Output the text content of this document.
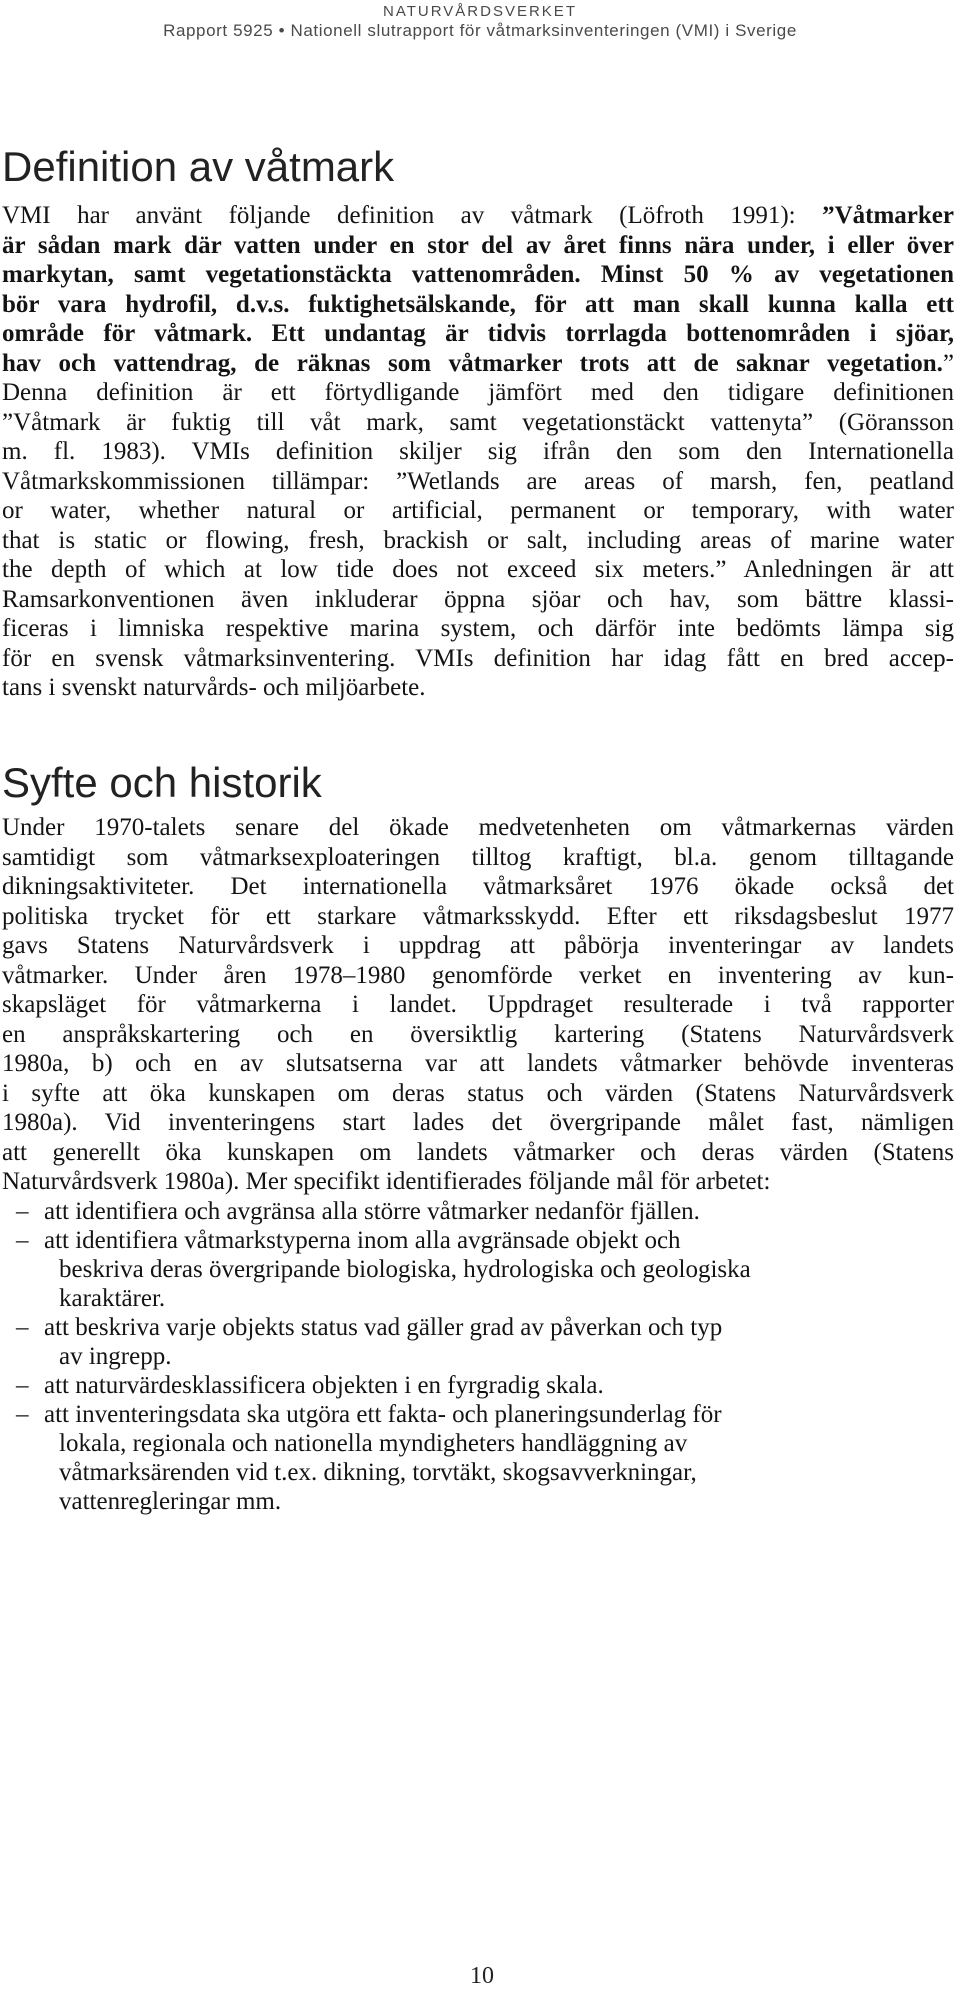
NATURVÅRDSVERKET
Rapport 5925 • Nationell slutrapport för våtmarksinventeringen (VMI) i Sverige
Definition av våtmark
VMI har använt följande definition av våtmark (Löfroth 1991): ”Våtmarker
är sådan mark där vatten under en stor del av året finns nära under, i eller över
markytan, samt vegetationstäckta vattenområden. Minst 50 % av vegetationen
bör vara hydrofil, d.v.s. fuktighetsälskande, för att man skall kunna kalla ett
område för våtmark. Ett undantag är tidvis torrlagda bottenområden i sjöar,
hav och vattendrag, de räknas som våtmarker trots att de saknar vegetation.”
Denna definition är ett förtydligande jämfört med den tidigare definitionen
”Våtmark är fuktig till våt mark, samt vegetationstäckt vattenyta” (Göransson
m. fl. 1983). VMIs definition skiljer sig ifrån den som den Internationella
Våtmarkskommissionen tillämpar: ”Wetlands are areas of marsh, fen, peatland
or water, whether natural or artificial, permanent or temporary, with water
that is static or flowing, fresh, brackish or salt, including areas of marine water
the depth of which at low tide does not exceed six meters.” Anledningen är att
Ramsarkonventionen även inkluderar öppna sjöar och hav, som bättre klassi-
ficeras i limniska respektive marina system, och därför inte bedömts lämpa sig
för en svensk våtmarksinventering. VMIs definition har idag fått en bred accep-
tans i svenskt naturvårds- och miljöarbete.
Syfte och historik
Under 1970-talets senare del ökade medvetenheten om våtmarkernas värden
samtidigt som våtmarksexploateringen tilltog kraftigt, bl.a. genom tilltagande
dikningsaktiviteter. Det internationella våtmarksåret 1976 ökade också det
politiska trycket för ett starkare våtmarksskydd. Efter ett riksdagsbeslut 1977
gavs Statens Naturvårdsverk i uppdrag att påbörja inventeringar av landets
våtmarker. Under åren 1978–1980 genomförde verket en inventering av kun-
skapsläget för våtmarkerna i landet. Uppdraget resulterade i två rapporter
en anspråkskartering och en översiktlig kartering (Statens Naturvårdsverk
1980a, b) och en av slutsatserna var att landets våtmarker behövde inventeras
i syfte att öka kunskapen om deras status och värden (Statens Naturvårdsverk
1980a). Vid inventeringens start lades det övergripande målet fast, nämligen
att generellt öka kunskapen om landets våtmarker och deras värden (Statens
Naturvårdsverk 1980a). Mer specifikt identifierades följande mål för arbetet:
– att identifiera och avgränsa alla större våtmarker nedanför fjällen.
– att identifiera våtmarkstyperna inom alla avgränsade objekt och
beskriva deras övergripande biologiska, hydrologiska och geologiska
karaktärer.
– att beskriva varje objekts status vad gäller grad av påverkan och typ
av ingrepp.
– att naturvärdesklassificera objekten i en fyrgradig skala.
– att inventeringsdata ska utgöra ett fakta- och planeringsunderlag för
lokala, regionala och nationella myndigheters handläggning av
våtmarksärenden vid t.ex. dikning, torvtäkt, skogsavverkningar,
vattenregleringar mm.
10
